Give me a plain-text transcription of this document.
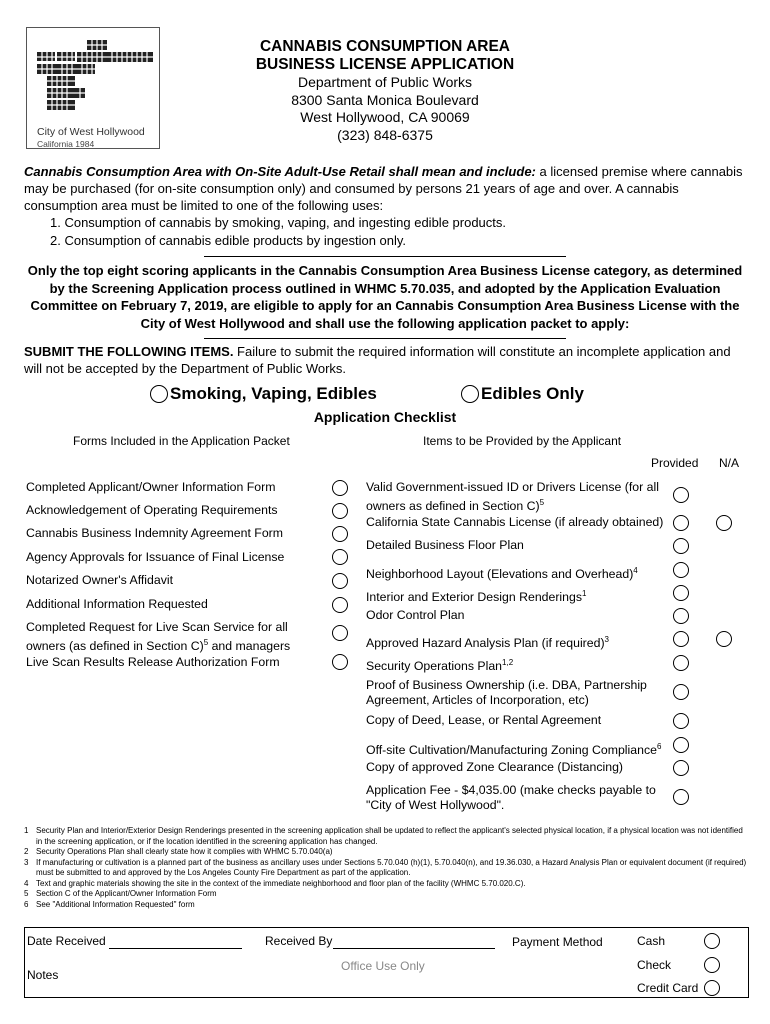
City of West Hollywood
California 1984
CANNABIS CONSUMPTION AREA
BUSINESS LICENSE APPLICATION
Department of Public Works
8300 Santa Monica Boulevard
West Hollywood, CA 90069
(323) 848-6375
Cannabis Consumption Area with On-Site Adult-Use Retail shall mean and include: a licensed premise where cannabis may be purchased (for on-site consumption only) and consumed by persons 21 years of age and over. A cannabis consumption area must be limited to one of the following uses:
1. Consumption of cannabis by smoking, vaping, and ingesting edible products.
2. Consumption of cannabis edible products by ingestion only.
Only the top eight scoring applicants in the Cannabis Consumption Area Business License category, as determined by the Screening Application process outlined in WHMC 5.70.035, and adopted by the Application Evaluation Committee on February 7, 2019, are eligible to apply for an Cannabis Consumption Area Business License with the City of West Hollywood and shall use the following application packet to apply:
SUBMIT THE FOLLOWING ITEMS. Failure to submit the required information will constitute an incomplete application and will not be accepted by the Department of Public Works.
Smoking, Vaping, Edibles	Edibles Only
Application Checklist
Forms Included in the Application Packet	Items to be Provided by the Applicant
Provided N/A
Completed Applicant/Owner Information Form
Acknowledgement of Operating Requirements
Cannabis Business Indemnity Agreement Form
Agency Approvals for Issuance of Final License
Notarized Owner's Affidavit
Additional Information Requested
Completed Request for Live Scan Service for all
owners (as defined in Section C)$^5$ and managers
Live Scan Results Release Authorization Form
Valid Government-issued ID or Drivers License (for all
owners as defined in Section C)$^5$
California State Cannabis License (if already obtained)
Detailed Business Floor Plan
Neighborhood Layout (Elevations and Overhead)$^4$
Interior and Exterior Design Renderings$^1$
Odor Control Plan
Approved Hazard Analysis Plan (if required)$^3$
Security Operations Plan$^{1,2}$
Proof of Business Ownership (i.e. DBA, Partnership
Agreement, Articles of Incorporation, etc)
Copy of Deed, Lease, or Rental Agreement
Off-site Cultivation/Manufacturing Zoning Compliance$^6$
Copy of approved Zone Clearance (Distancing)
Application Fee - $4,035.00 (make checks payable to
"City of West Hollywood".
1 Security Plan and Interior/Exterior Design Renderings presented in the screening application shall be updated to reflect the applicant's selected physical location, if a physical location was not identified in the screening application, or if the location identified in the screening application has changed.
2 Security Operations Plan shall clearly state how it complies with WHMC 5.70.040(a)
3 If manufacturing or cultivation is a planned part of the business as ancillary uses under Sections 5.70.040 (h)(1), 5.70.040(n), and 19.36.030, a Hazard Analysis Plan or equivalent document (if required) must be submitted to and approved by the Los Angeles County Fire Department as part of the application.
4 Text and graphic materials showing the site in the context of the immediate neighborhood and floor plan of the facility (WHMC 5.70.020.C).
5 Section C of the Applicant/Owner Information Form
6 See "Additional Information Requested" form
Date Received	Received By	Payment Method	Cash
Check
Credit Card
Notes
Office Use Only
